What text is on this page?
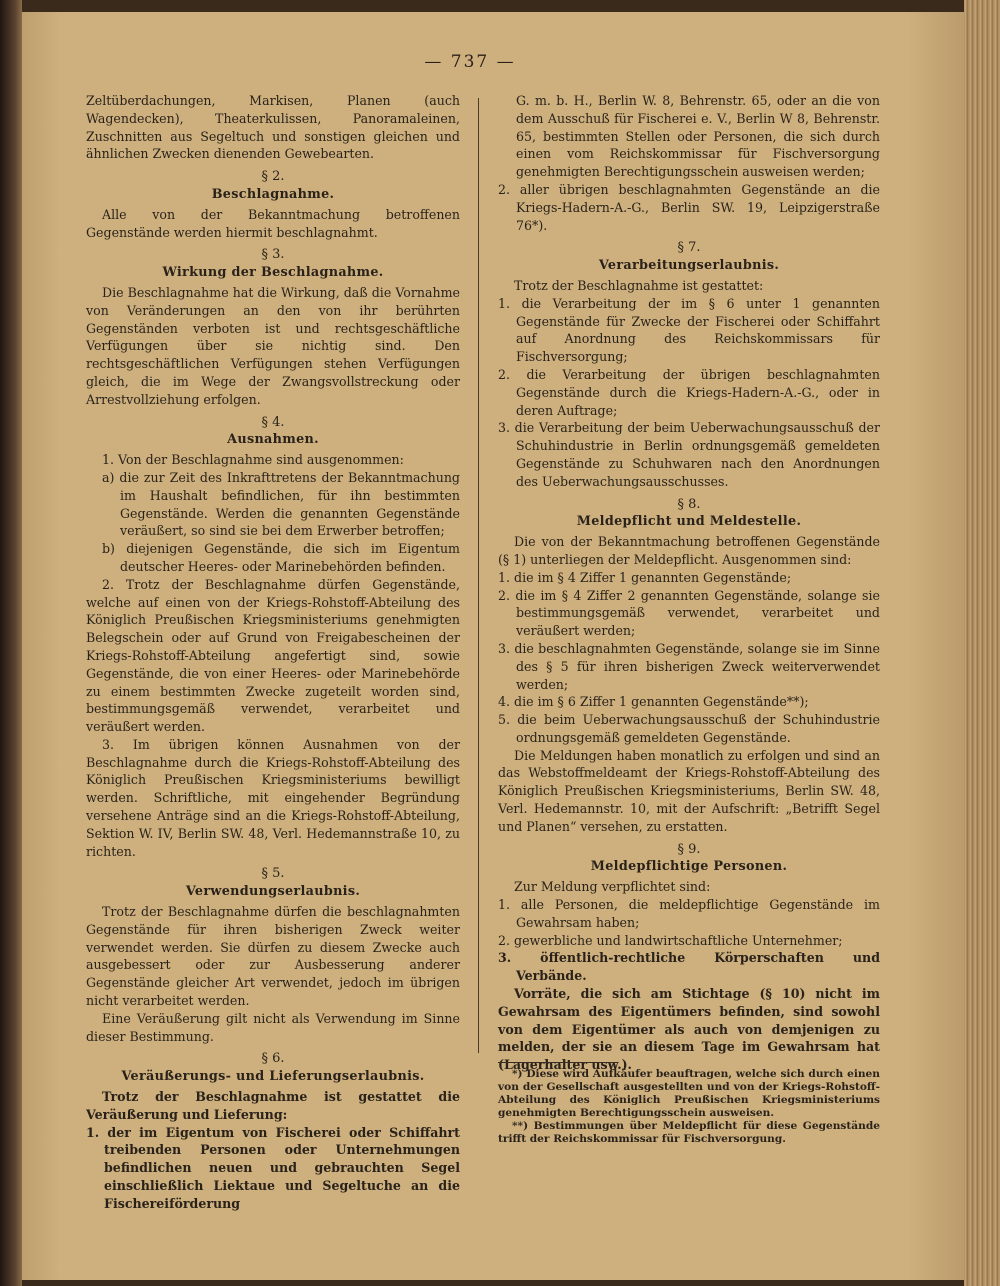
— 737 —

Zeltüberdachungen, Markisen, Planen (auch Wagendecken), Theaterkulissen, Panoramaleinen, Zuschnitten aus Segeltuch und sonstigen gleichen und ähnlichen Zwecken dienenden Gewebearten.

§ 2.
Beschlagnahme.

Alle von der Bekanntmachung betroffenen Gegenstände werden hiermit beschlagnahmt.

§ 3.
Wirkung der Beschlagnahme.

Die Beschlagnahme hat die Wirkung, daß die Vornahme von Veränderungen an den von ihr berührten Gegenständen verboten ist und rechtsgeschäftliche Verfügungen über sie nichtig sind. Den rechtsgeschäftlichen Verfügungen stehen Verfügungen gleich, die im Wege der Zwangsvollstreckung oder Arrestvollziehung erfolgen.

§ 4.
Ausnahmen.

1. Von der Beschlagnahme sind ausgenommen:

a) die zur Zeit des Inkrafttretens der Bekanntmachung im Haushalt befindlichen, für ihn bestimmten Gegenstände. Werden die genannten Gegenstände veräußert, so sind sie bei dem Erwerber betroffen;

b) diejenigen Gegenstände, die sich im Eigentum deutscher Heeres- oder Marinebehörden befinden.

2. Trotz der Beschlagnahme dürfen Gegenstände, welche auf einen von der Kriegs-Rohstoff-Abteilung des Königlich Preußischen Kriegsministeriums genehmigten Belegschein oder auf Grund von Freigabescheinen der Kriegs-Rohstoff-Abteilung angefertigt sind, sowie Gegenstände, die von einer Heeres- oder Marinebehörde zu einem bestimmten Zwecke zugeteilt worden sind, bestimmungsgemäß verwendet, verarbeitet und veräußert werden.

3. Im übrigen können Ausnahmen von der Beschlagnahme durch die Kriegs-Rohstoff-Abteilung des Königlich Preußischen Kriegsministeriums bewilligt werden. Schriftliche, mit eingehender Begründung versehene Anträge sind an die Kriegs-Rohstoff-Abteilung, Sektion W. IV, Berlin SW. 48, Verl. Hedemannstraße 10, zu richten.

§ 5.
Verwendungserlaubnis.

Trotz der Beschlagnahme dürfen die beschlagnahmten Gegenstände für ihren bisherigen Zweck weiter verwendet werden. Sie dürfen zu diesem Zwecke auch ausgebessert oder zur Ausbesserung anderer Gegenstände gleicher Art verwendet, jedoch im übrigen nicht verarbeitet werden.

Eine Veräußerung gilt nicht als Verwendung im Sinne dieser Bestimmung.

§ 6.
Veräußerungs- und Lieferungserlaubnis.

Trotz der Beschlagnahme ist gestattet die Veräußerung und Lieferung:

1. der im Eigentum von Fischerei oder Schiffahrt treibenden Personen oder Unternehmungen befindlichen neuen und gebrauchten Segel einschließlich Liektaue und Segeltuche an die Fischereiförderung

G. m. b. H., Berlin W. 8, Behrenstr. 65, oder an die von dem Ausschuß für Fischerei e. V., Berlin W 8, Behrenstr. 65, bestimmten Stellen oder Personen, die sich durch einen vom Reichskommissar für Fischversorgung genehmigten Berechtigungsschein ausweisen werden;

2. aller übrigen beschlagnahmten Gegenstände an die Kriegs-Hadern-A.-G., Berlin SW. 19, Leipzigerstraße 76*).

§ 7.
Verarbeitungserlaubnis.

Trotz der Beschlagnahme ist gestattet:

1. die Verarbeitung der im § 6 unter 1 genannten Gegenstände für Zwecke der Fischerei oder Schiffahrt auf Anordnung des Reichskommissars für Fischversorgung;

2. die Verarbeitung der übrigen beschlagnahmten Gegenstände durch die Kriegs-Hadern-A.-G., oder in deren Auftrage;

3. die Verarbeitung der beim Ueberwachungsausschuß der Schuhindustrie in Berlin ordnungsgemäß gemeldeten Gegenstände zu Schuhwaren nach den Anordnungen des Ueberwachungsausschusses.

§ 8.
Meldepflicht und Meldestelle.

Die von der Bekanntmachung betroffenen Gegenstände (§ 1) unterliegen der Meldepflicht. Ausgenommen sind:

1. die im § 4 Ziffer 1 genannten Gegenstände;

2. die im § 4 Ziffer 2 genannten Gegenstände, solange sie bestimmungsgemäß verwendet, verarbeitet und veräußert werden;

3. die beschlagnahmten Gegenstände, solange sie im Sinne des § 5 für ihren bisherigen Zweck weiterverwendet werden;

4. die im § 6 Ziffer 1 genannten Gegenstände**);

5. die beim Ueberwachungsausschuß der Schuhindustrie ordnungsgemäß gemeldeten Gegenstände.

Die Meldungen haben monatlich zu erfolgen und sind an das Webstoffmeldeamt der Kriegs-Rohstoff-Abteilung des Königlich Preußischen Kriegsministeriums, Berlin SW. 48, Verl. Hedemannstr. 10, mit der Aufschrift: „Betrifft Segel und Planen“ versehen, zu erstatten.

§ 9.
Meldepflichtige Personen.

Zur Meldung verpflichtet sind:

1. alle Personen, die meldepflichtige Gegenstände im Gewahrsam haben;

2. gewerbliche und landwirtschaftliche Unternehmer;

3. öffentlich-rechtliche Körperschaften und Verbände.

Vorräte, die sich am Stichtage (§ 10) nicht im Gewahrsam des Eigentümers befinden, sind sowohl von dem Eigentümer als auch von demjenigen zu melden, der sie an diesem Tage im Gewahrsam hat (Lagerhalter usw.).

*) Diese wird Aufkäufer beauftragen, welche sich durch einen von der Gesellschaft ausgestellten und von der Kriegs-Rohstoff-Abteilung des Königlich Preußischen Kriegsministeriums genehmigten Berechtigungsschein ausweisen.

**) Bestimmungen über Meldepflicht für diese Gegenstände trifft der Reichskommissar für Fischversorgung.
